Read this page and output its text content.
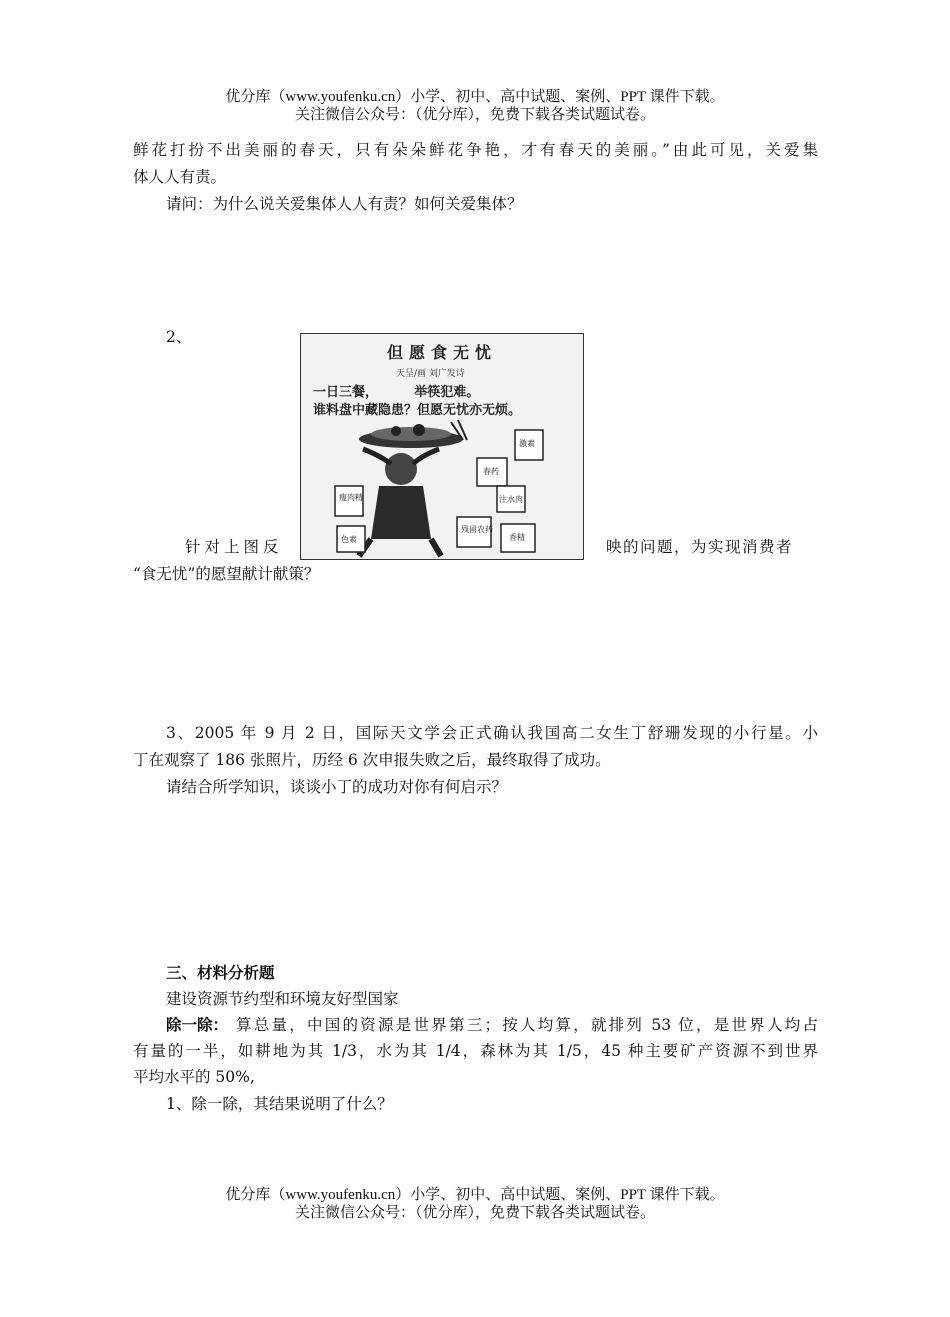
优分库（www.youfenku.cn）小学、初中、高中试题、案例、PPT 课件下载。
关注微信公众号：（优分库），免费下载各类试题试卷。
鲜花打扮不出美丽的春天，只有朵朵鲜花争艳，才有春天的美丽。”由此可见，关爱集
体人人有责。
请问：为什么说关爱集体人人有责？如何关爱集体？
2、
但愿食无忧
天呈/画 刘广发诗
一日三餐，        举筷犯难。
谁料盘中藏隐患？但愿无忧亦无烦。
瘦肉精
色素
春药
注水肉
激素
残留农药
香精
针对上图反	映的问题，为实现消费者
“食无忧”的愿望献计献策？
3、2005 年 9 月 2 日，国际天文学会正式确认我国高二女生丁舒珊发现的小行星。小
丁在观察了 186 张照片，历经 6 次申报失败之后，最终取得了成功。
请结合所学知识，谈谈小丁的成功对你有何启示？
三、材料分析题
建设资源节约型和环境友好型国家
算总量，中国的资源是世界第三；按人均算，就排列 53 位，是世界人均占
除一除：
有量的一半，如耕地为其 1/3，水为其 1/4，森林为其 1/5，45 种主要矿产资源不到世界
平均水平的 50%,
1、除一除，其结果说明了什么？
优分库（www.youfenku.cn）小学、初中、高中试题、案例、PPT 课件下载。
关注微信公众号：（优分库），免费下载各类试题试卷。
